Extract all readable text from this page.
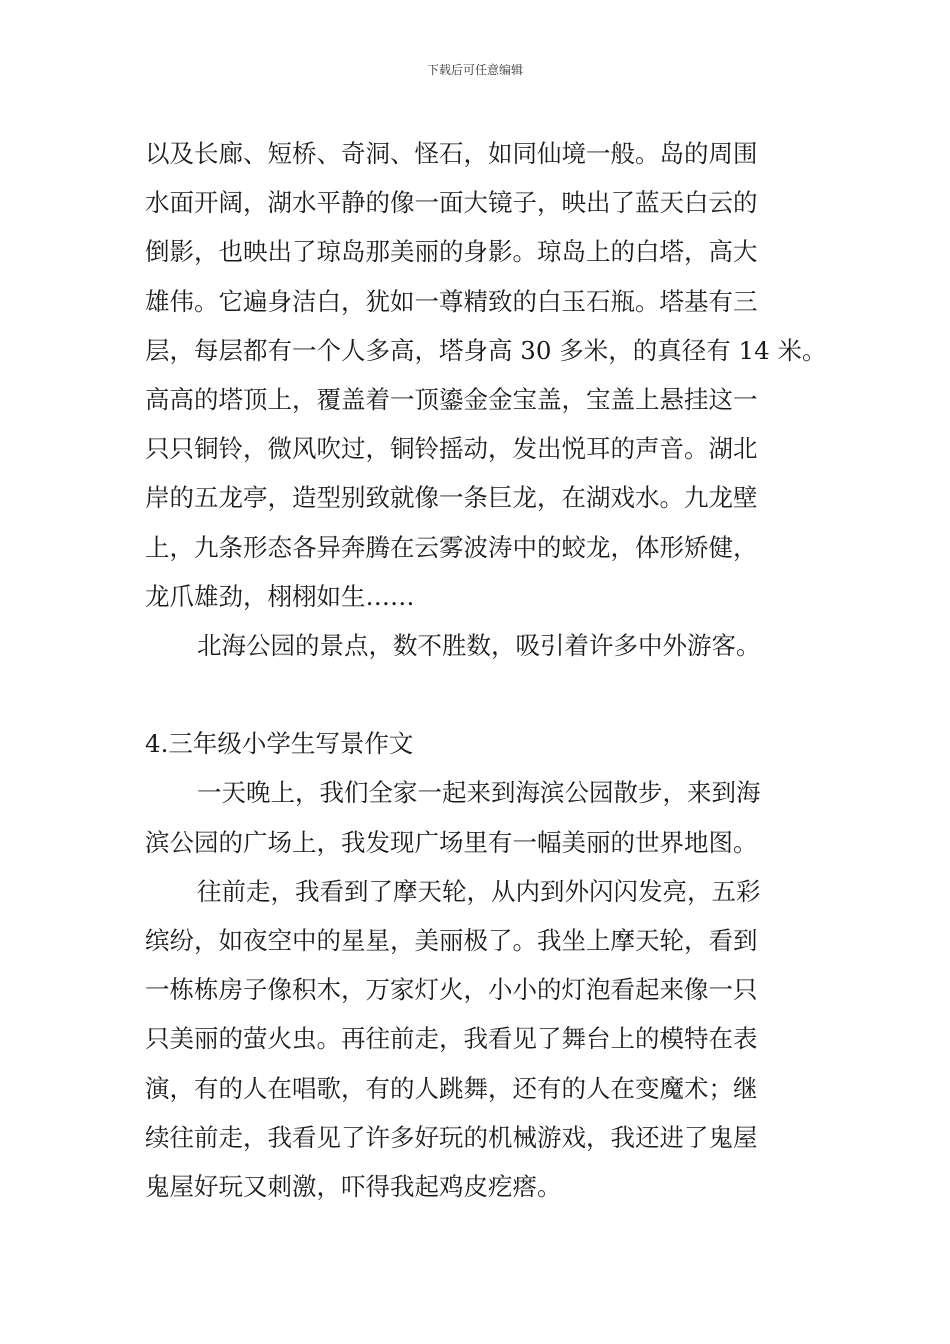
下载后可任意编辑
以及长廊、短桥、奇洞、怪石，如同仙境一般。岛的周围
水面开阔，湖水平静的像一面大镜子，映出了蓝天白云的
倒影，也映出了琼岛那美丽的身影。琼岛上的白塔，高大
雄伟。它遍身洁白，犹如一尊精致的白玉石瓶。塔基有三
层，每层都有一个人多高，塔身高 30 多米，的真径有 14 米。
高高的塔顶上，覆盖着一顶鎏金金宝盖，宝盖上悬挂这一
只只铜铃，微风吹过，铜铃摇动，发出悦耳的声音。湖北
岸的五龙亭，造型别致就像一条巨龙，在湖戏水。九龙壁
上，九条形态各异奔腾在云雾波涛中的蛟龙，体形矫健，
龙爪雄劲，栩栩如生……
北海公园的景点，数不胜数，吸引着许多中外游客。
4.三年级小学生写景作文
一天晚上，我们全家一起来到海滨公园散步，来到海
滨公园的广场上，我发现广场里有一幅美丽的世界地图。
往前走，我看到了摩天轮，从内到外闪闪发亮，五彩
缤纷，如夜空中的星星，美丽极了。我坐上摩天轮，看到
一栋栋房子像积木，万家灯火，小小的灯泡看起来像一只
只美丽的萤火虫。再往前走，我看见了舞台上的模特在表
演，有的人在唱歌，有的人跳舞，还有的人在变魔术；继
续往前走，我看见了许多好玩的机械游戏，我还进了鬼屋
鬼屋好玩又刺激，吓得我起鸡皮疙瘩。
